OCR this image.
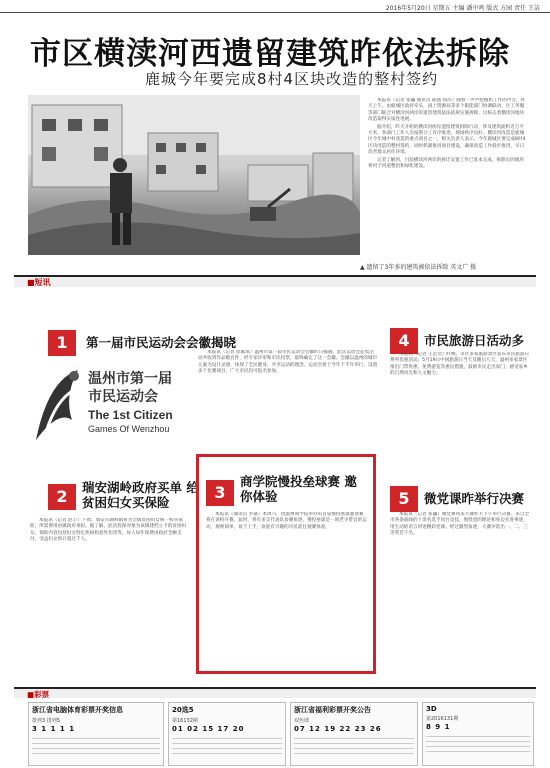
2016年5月20日 星期五 主编 潘中鸣 版式 方园 责任 王洁
市区横渎河西遗留建筑昨依法拆除
鹿城今年要完成8村4区块改造的整村签约

本报讯（记者 张巍 通讯员 陈强 郑浩）随着一声声挖掘机工作的声音，昨天上午，由鹿城区政府牵头，国土资源局等多个职能部门协调联动，区工务服等部门联合对横渎河两岸的遗留建筑依法依规实施拆除，这标志着横渎河地块改造取得实质性进展。

据介绍，昨天开始的横渎河两岸遗留建筑拆除行动，涉及建筑面积近万平方米，各部门工作人员按照分工有序推进，现场秩序良好。横渎河改造是鹿城区今年城中村改造的重点项目之一，相关负责人表示，今年鹿城区要完成8村4区块改造的整村签约，同时抓紧推进项目建设，确保改造工作稳步推进，早日改善群众居住环境。

记者了解到，目前横渎河两岸的拆迁安置工作已基本完成，拆除后的地块将用于河道整治和绿化建设。

▲ 遗留了3年多的建筑被依法拆除 英文广 摄
■短讯
1	第一届市民运动会会徽揭晓
温州市第一届
市民运动会
The 1st Citizen
Games Of Wenzhou

本报讯（记者 徐素琪）温州市第一届市民运动会会徽昨日揭晓。此次运动会征集活动共收到作品数百件，经专家评审和市民投票，最终确定了这一会徽。会徽以温州的城市元素为设计灵感，体现了全民健身、共享运动的理念。运动会将于今年下半年举行，设置多个比赛项目，广大市民均可报名参加。

4	市民旅游日活动多

本报讯（记者 王足达）昨晚，市区多家旅游景区发布市民旅游日系列优惠活动。5月19日中国旅游日当天及随后几天，温州多家景区推出门票优惠、免费游览等惠民措施，鼓励市民走出家门，感受家乡的自然风光和人文魅力。

2	瑞安湖岭政府买单 给贫困妇女买保险

本报讯（记者 赵丰）下周，瑞安市湖岭镇将为全镇贫困妇女统一购买保险，所需费用由镇政府承担。据了解，此次投保对象为该镇建档立卡的贫困妇女，保险内容包括妇女特定疾病和意外伤害等，每人每年保费由政府全额支付，受益妇女预计超过千人。

3
商学院慢投垒球赛 邀你体验

本报讯（通讯员 李嘉）本周六，由温州商学院举办的首届慢投垒球邀请赛将在该校开赛。届时，将有多支代表队参赛角逐。慢投垒球是一项老少皆宜的运动，规则简单，易于上手，欢迎有兴趣的市民前往观赛体验。

5	微党课昨举行决赛

本报讯（记者 张巍）微党课风采大赛昨天下午举行决赛。来自全市各条战线的十余名选手同台竞技，围绕党的理论和身边先进事迹，用生动的语言讲述精彩党课。经过激烈角逐，大赛评选出一、二、三等奖若干名。

■彩票
浙江省电脑体育彩票开奖信息
排列3 排列5
3 1 1 1 1
20选5
第16132期
01 02 15 17 20
浙江省福利彩票开奖公告
双色球
07 12 19 22 23 26
3D
第2016131期
8 9 1
